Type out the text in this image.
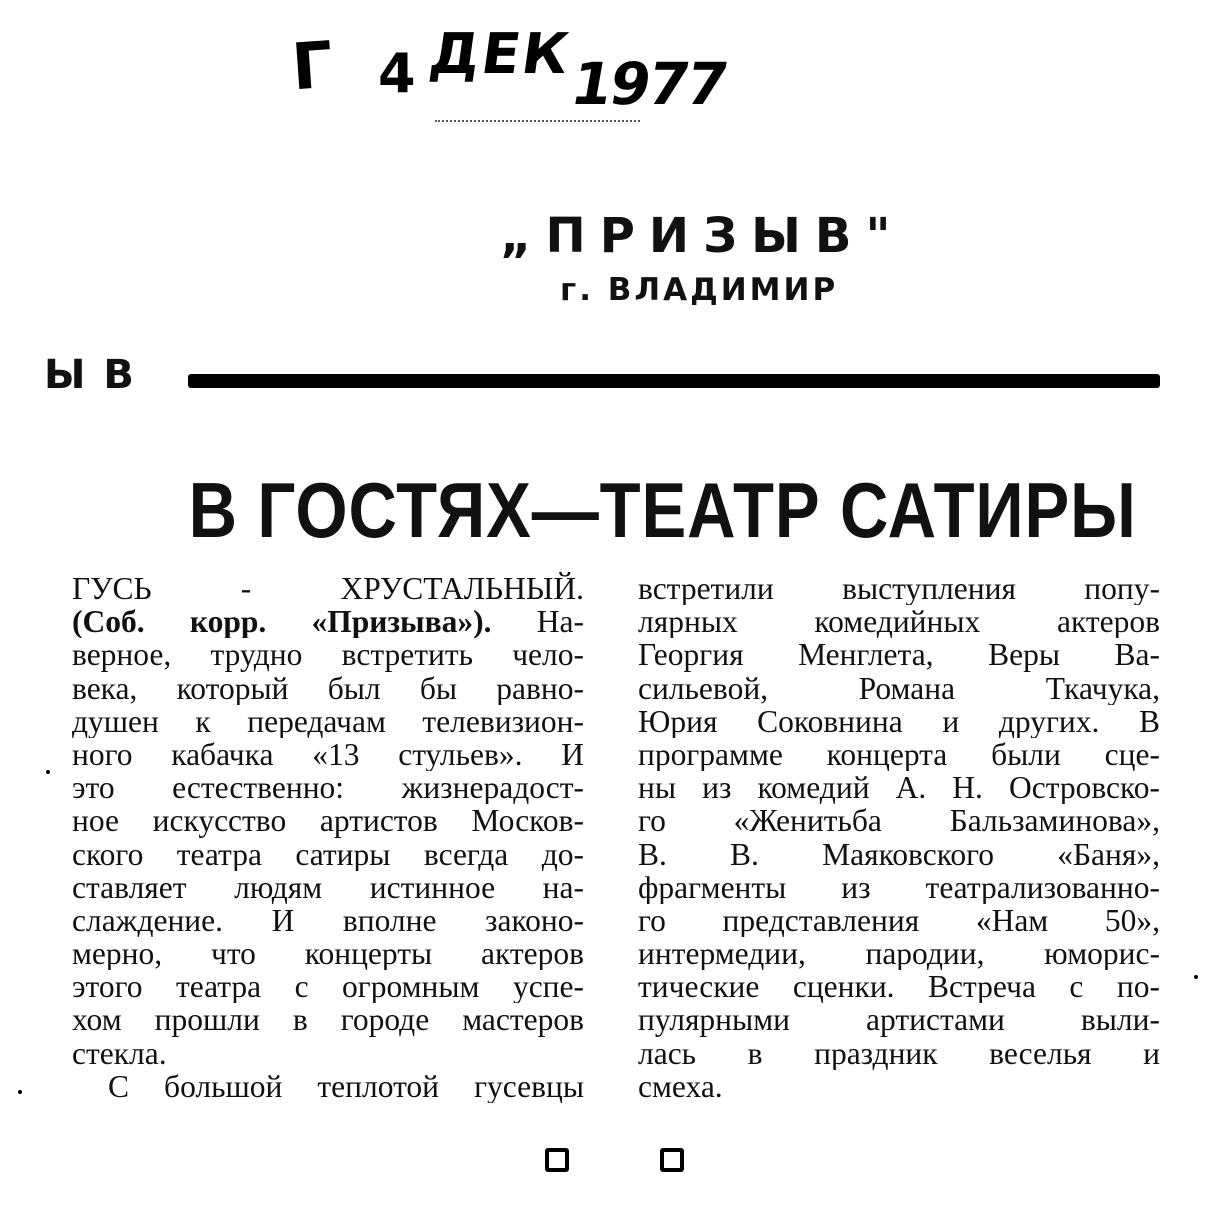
Г 4 ДЕК
1977
„ПРИЗЫВ"
г. ВЛАДИМИР
Ы В
В ГОСТЯХ—ТЕАТР САТИРЫ
ГУСЬ - ХРУСТАЛЬНЫЙ.
(Соб. корр. «Призыва»). На-
верное, трудно встретить чело-
века, который был бы равно-
душен к передачам телевизион-
ного кабачка «13 стульев». И
это естественно: жизнерадост-
ное искусство артистов Москов-
ского театра сатиры всегда до-
ставляет людям истинное на-
слаждение. И вполне законо-
мерно, что концерты актеров
этого театра с огромным успе-
хом прошли в городе мастеров
стекла.
С большой теплотой гусевцы
встретили выступления попу-
лярных комедийных актеров
Георгия Менглета, Веры Ва-
сильевой, Романа Ткачука,
Юрия Соковнина и других. В
программе концерта были сце-
ны из комедий А. Н. Островско-
го «Женитьба Бальзаминова»,
В. В. Маяковского «Баня»,
фрагменты из театрализованно-
го представления «Нам 50»,
интермедии, пародии, юморис-
тические сценки. Встреча с по-
пулярными артистами выли-
лась в праздник веселья и
смеха.
